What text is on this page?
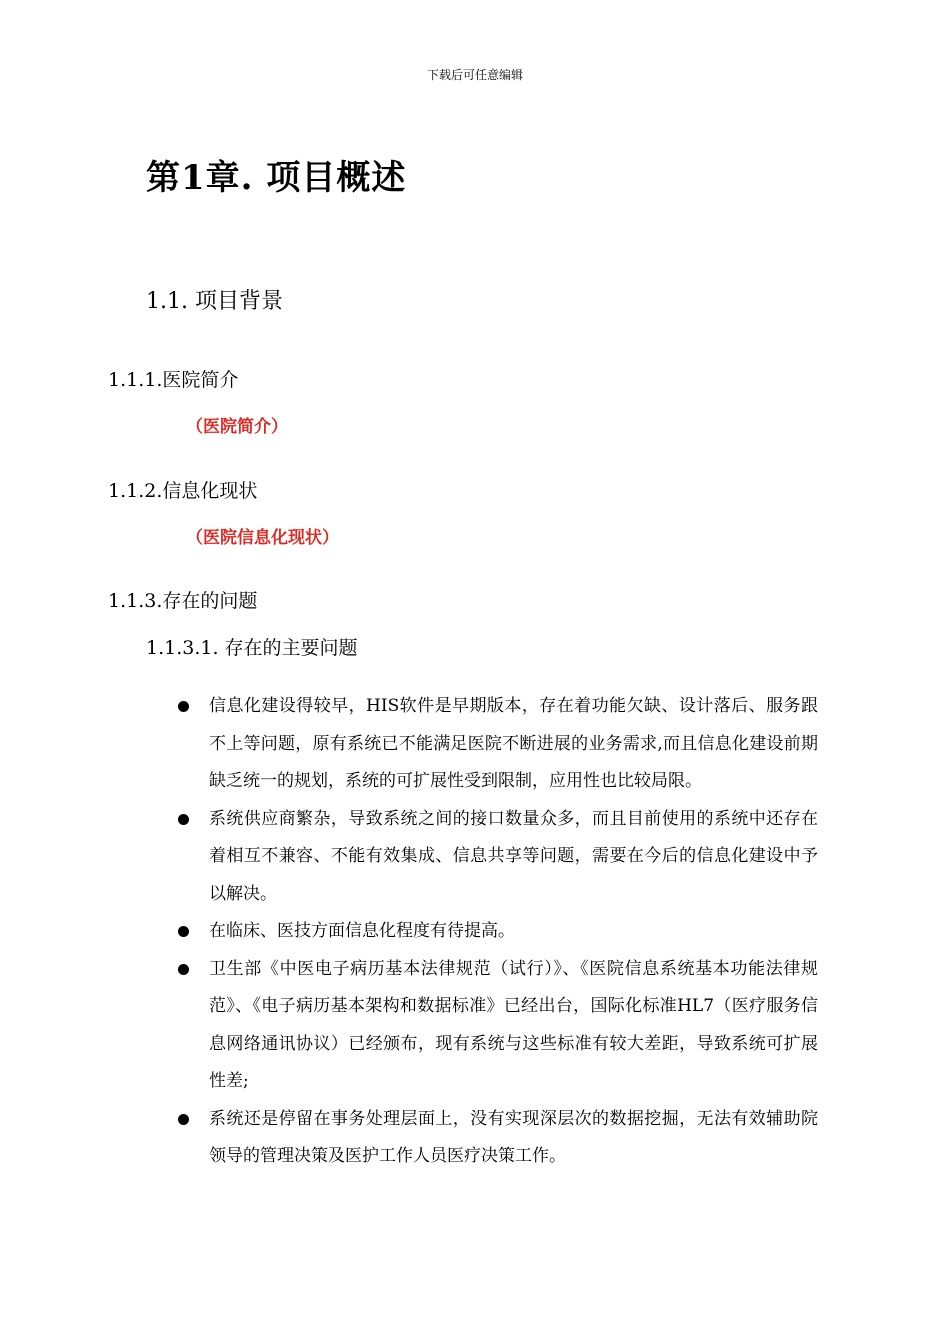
下载后可任意编辑
第1章. 项目概述
1.1. 项目背景
1.1.1.医院简介
（医院简介）
1.1.2.信息化现状
（医院信息化现状）
1.1.3.存在的问题
1.1.3.1. 存在的主要问题
信息化建设得较早，HIS软件是早期版本，存在着功能欠缺、设计落后、服务跟不上等问题，原有系统已不能满足医院不断进展的业务需求,而且信息化建设前期缺乏统一的规划，系统的可扩展性受到限制，应用性也比较局限。
系统供应商繁杂，导致系统之间的接口数量众多，而且目前使用的系统中还存在着相互不兼容、不能有效集成、信息共享等问题，需要在今后的信息化建设中予以解决。
在临床、医技方面信息化程度有待提高。
卫生部《中医电子病历基本法律规范（试行）》、《医院信息系统基本功能法律规范》、《电子病历基本架构和数据标准》已经出台，国际化标准HL7（医疗服务信息网络通讯协议）已经颁布，现有系统与这些标准有较大差距，导致系统可扩展性差;
系统还是停留在事务处理层面上，没有实现深层次的数据挖掘，无法有效辅助院领导的管理决策及医护工作人员医疗决策工作。
